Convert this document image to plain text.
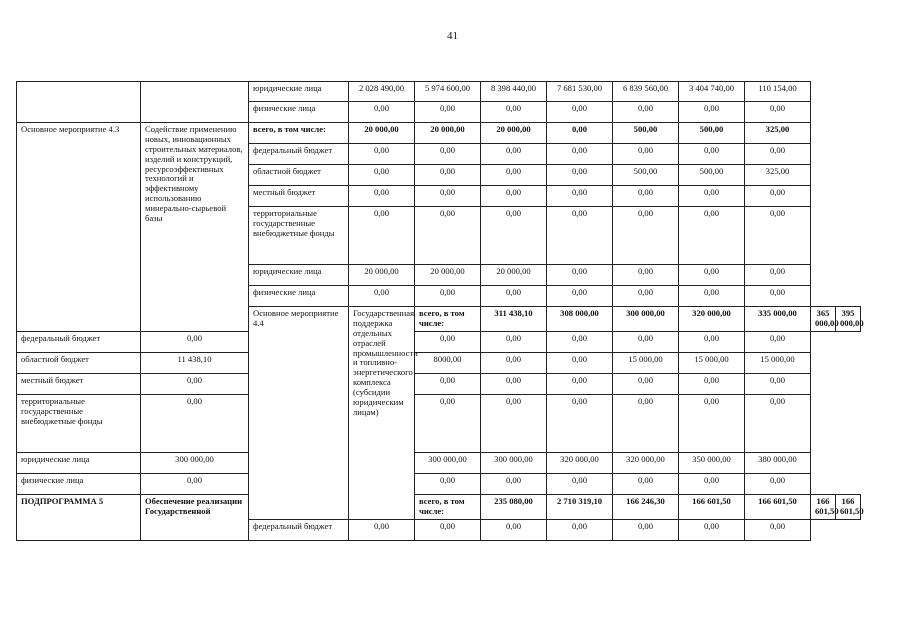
41
		юридические лица	2 028 490,00	5 974 600,00	8 398 440,00	7 681 530,00	6 839 560,00	3 404 740,00	110 154,00		
		физические лица	0,00	0,00	0,00	0,00	0,00	0,00	0,00		
Основное мероприятие 4.3	Содействие применению новых, инновационных строительных материалов, изделий и конструкций, ресурсоэффективных технологий и эффективному использованию минерально-сырьевой базы	всего, в том числе:	20 000,00	20 000,00	20 000,00	0,00	500,00	500,00	325,00		
		федеральный бюджет	0,00	0,00	0,00	0,00	0,00	0,00	0,00		
		областной бюджет	0,00	0,00	0,00	0,00	500,00	500,00	325,00		
		местный бюджет	0,00	0,00	0,00	0,00	0,00	0,00	0,00		
		территориальные государственные внебюджетные фонды	0,00	0,00	0,00	0,00	0,00	0,00	0,00		
		юридические лица	20 000,00	20 000,00	20 000,00	0,00	0,00	0,00	0,00		
		физические лица	0,00	0,00	0,00	0,00	0,00	0,00	0,00		
		Основное мероприятие 4.4	Государственная поддержка отдельных отраслей промышленности и топливно-энергетического комплекса (субсидии юридическим лицам)	всего, в том числе:	311 438,10	308 000,00	300 000,00	320 000,00	335 000,00	365 000,00	395 000,00
федеральный бюджет	0,00			0,00	0,00	0,00	0,00	0,00	0,00		
областной бюджет	11 438,10			8000,00	0,00	0,00	15 000,00	15 000,00	15 000,00		
местный бюджет	0,00			0,00	0,00	0,00	0,00	0,00	0,00		
территориальные государственные внебюджетные фонды	0,00			0,00	0,00	0,00	0,00	0,00	0,00		
юридические лица	300 000,00			300 000,00	300 000,00	320 000,00	320 000,00	350 000,00	380 000,00		
физические лица	0,00			0,00	0,00	0,00	0,00	0,00	0,00		
ПОДПРОГРАММА 5	Обеспечение реализации Государственной			всего, в том числе:	235 080,00	2 710 319,10	166 246,30	166 601,50	166 601,50	166 601,50	166 601,50
		федеральный бюджет	0,00	0,00	0,00	0,00	0,00	0,00	0,00		
